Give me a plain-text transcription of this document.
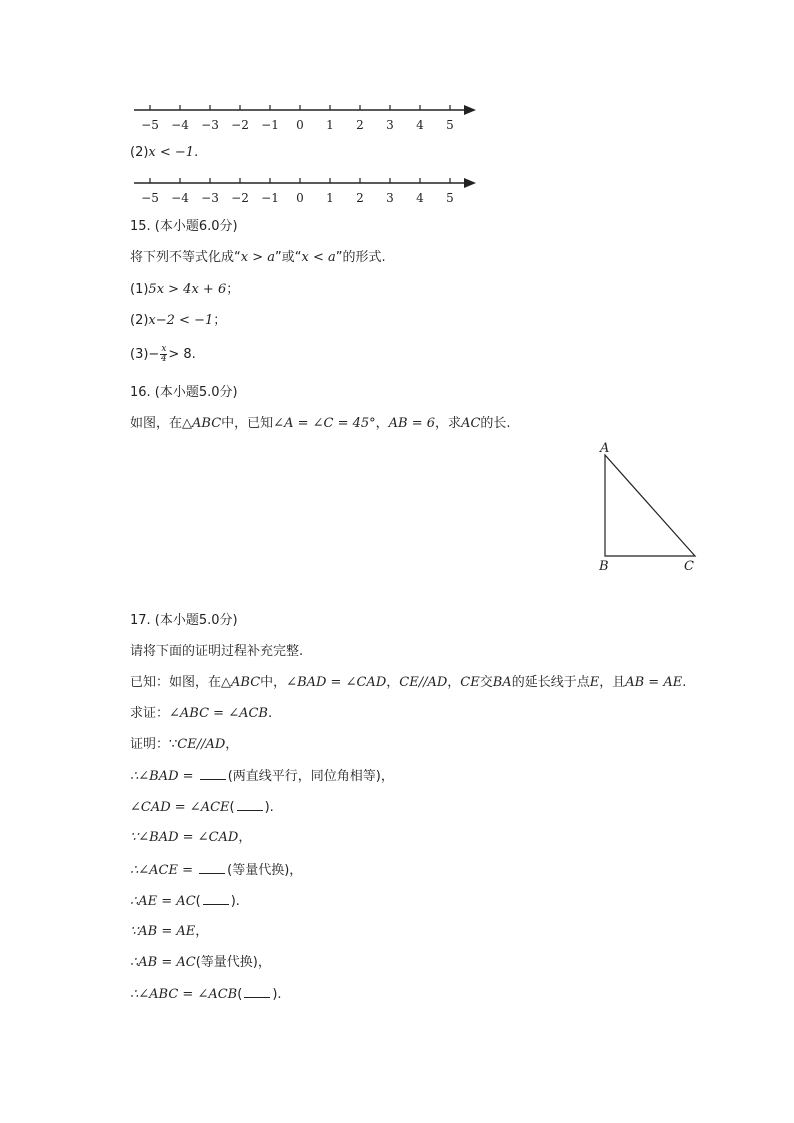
−5 −4 −3 −2 −1 0 1 2 3 4 5
(2)x < −1.
−5 −4 −3 −2 −1 0 1 2 3 4 5
15. (本小题6.0分)
将下列不等式化成“x > a”或“x < a”的形式.
(1)5x > 4x + 6；
(2)x−2 < −1；
$(3)- \frac{x}{4} > 8$.
16. (本小题5.0分)
如图，在△ABC中，已知∠A = ∠C = 45°，AB = 6，求AC的长.
A
B	C
17. (本小题5.0分)
请将下面的证明过程补充完整.
已知：如图，在△ABC中，∠BAD = ∠CAD，CE//AD，CE交BA的延长线于点E，且AB = AE.
求证：∠ABC = ∠ACB.
证明：∵CE//AD，
∴∠BAD = (两直线平行，同位角相等)，
∠CAD = ∠ACE( ).
∵∠BAD = ∠CAD，
∴∠ACE = (等量代换)，
∴AE = AC( ).
∵AB = AE，
∴AB = AC(等量代换)，
∴∠ABC = ∠ACB( ).
